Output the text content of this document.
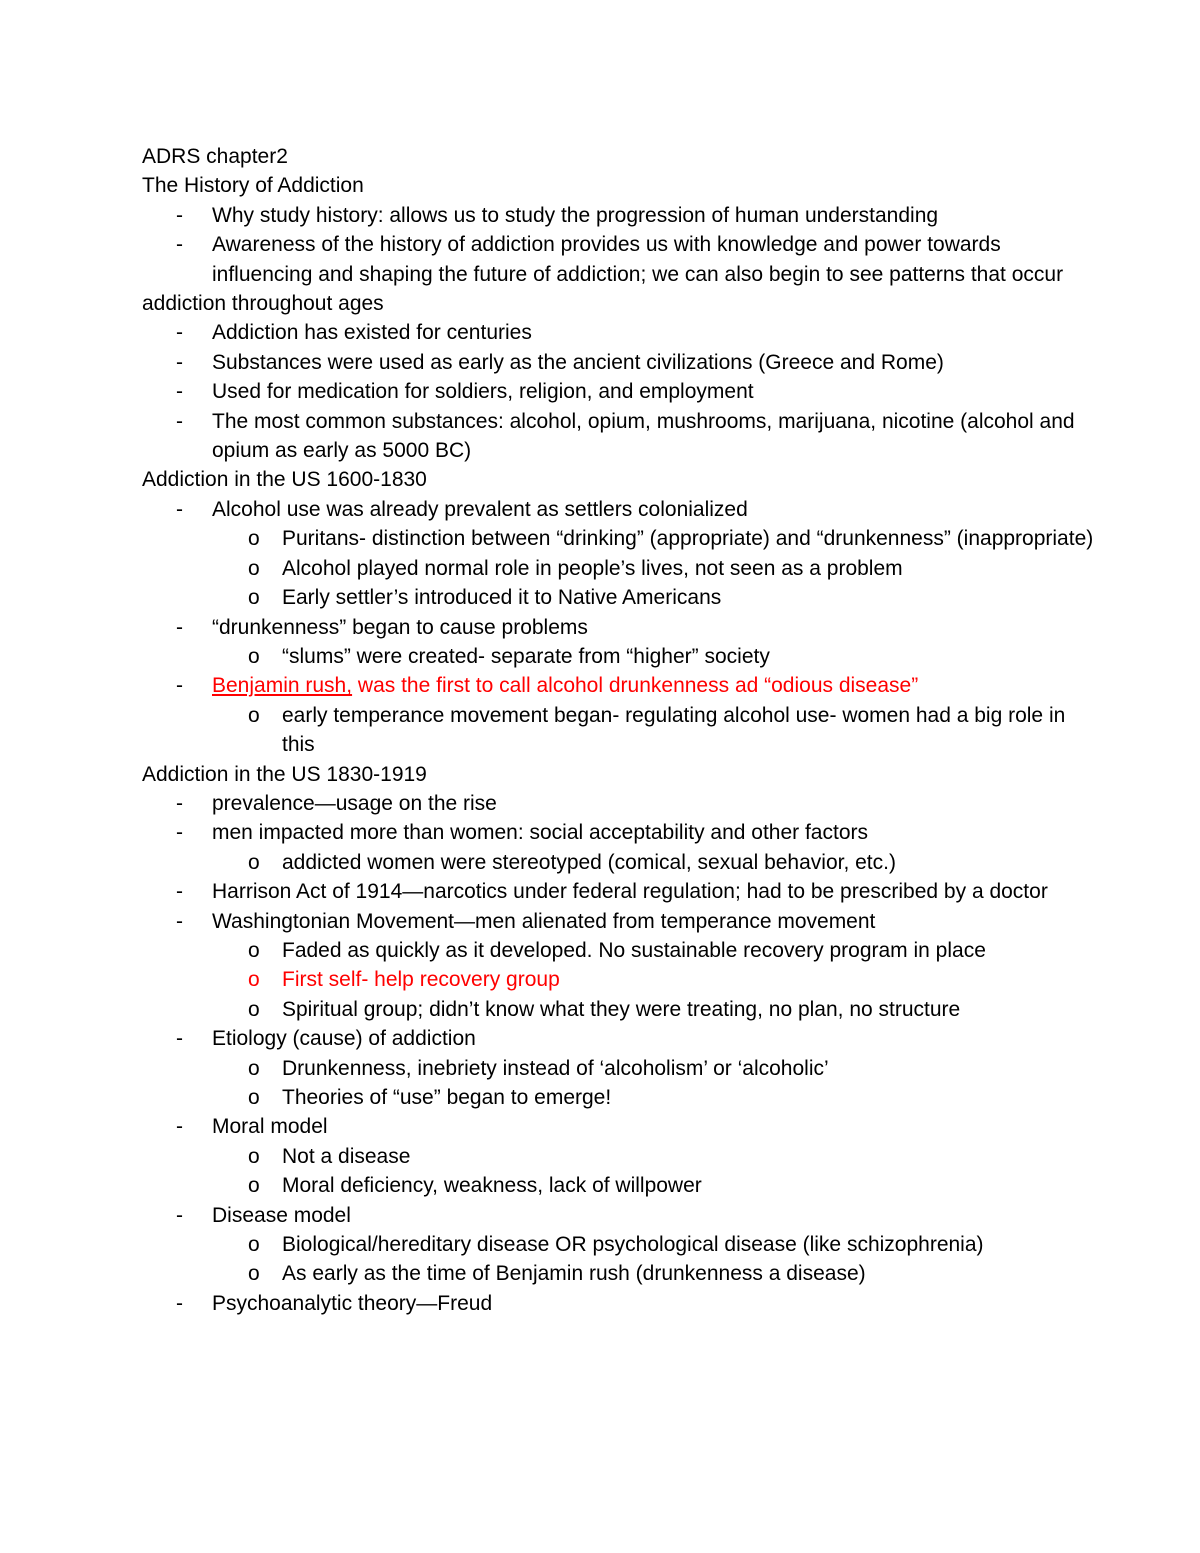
ADRS chapter2
The History of Addiction
-	Why study history: allows us to study the progression of human understanding
-	Awareness of the history of addiction provides us with knowledge and power towards influencing and shaping the future of addiction; we can also begin to see patterns that occur
addiction throughout ages
-	Addiction has existed for centuries
-	Substances were used as early as the ancient civilizations (Greece and Rome)
-	Used for medication for soldiers, religion, and employment
-	The most common substances: alcohol, opium, mushrooms, marijuana, nicotine (alcohol and opium as early as 5000 BC)
Addiction in the US 1600-1830
-	Alcohol use was already prevalent as settlers colonialized
o	Puritans- distinction between “drinking” (appropriate) and “drunkenness” (inappropriate)
o	Alcohol played normal role in people’s lives, not seen as a problem
o	Early settler’s introduced it to Native Americans
-	“drunkenness” began to cause problems
o	“slums” were created- separate from “higher” society
-	Benjamin rush, was the first to call alcohol drunkenness ad “odious disease”
o	early temperance movement began- regulating alcohol use- women had a big role in this
Addiction in the US 1830-1919
-	prevalence—usage on the rise
-	men impacted more than women: social acceptability and other factors
o	addicted women were stereotyped (comical, sexual behavior, etc.)
-	Harrison Act of 1914—narcotics under federal regulation; had to be prescribed by a doctor
-	Washingtonian Movement—men alienated from temperance movement
o	Faded as quickly as it developed. No sustainable recovery program in place
o	First self- help recovery group
o	Spiritual group; didn’t know what they were treating, no plan, no structure
-	Etiology (cause) of addiction
o	Drunkenness, inebriety instead of ‘alcoholism’ or ‘alcoholic’
o	Theories of “use” began to emerge!
-	Moral model
o	Not a disease
o	Moral deficiency, weakness, lack of willpower
-	Disease model
o	Biological/hereditary disease OR psychological disease (like schizophrenia)
o	As early as the time of Benjamin rush (drunkenness a disease)
-	Psychoanalytic theory—Freud
